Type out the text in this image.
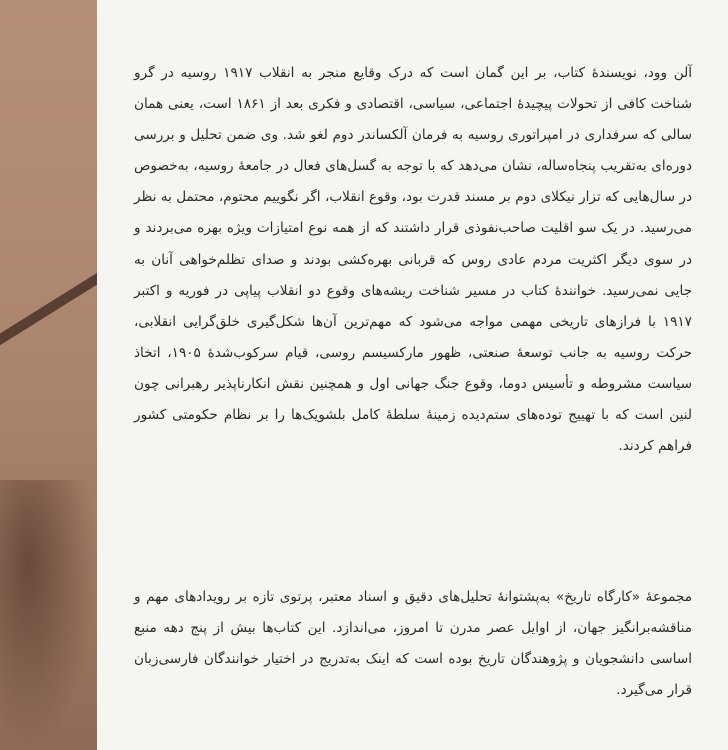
آلن وود، نویسندهٔ کتاب، بر این گمان است که درک وقایع منجر به انقلاب ۱۹۱۷ روسیه در گرو شناخت کافی از تحولات پیچیدهٔ اجتماعی، سیاسی، اقتصادی و فکری بعد از ۱۸۶۱ است، یعنی همان سالی که سرفداری در امپراتوری روسیه به فرمان آلکساندر دوم لغو شد. وی ضمن تحلیل و بررسی دوره‌ای به‌تقریب پنجاه‌ساله، نشان می‌دهد که با توجه به گسل‌های فعال در جامعهٔ روسیه، به‌خصوص در سال‌هایی که تزار نیکلای دوم بر مسند قدرت بود، وقوع انقلاب، اگر نگوییم محتوم، محتمل به نظر می‌رسید. در یک سو اقلیت صاحب‌نفوذی قرار داشتند که از همه نوع امتیازات ویژه بهره می‌بردند و در سوی دیگر اکثریت مردم عادی روس که قربانی بهره‌کشی بودند و صدای تظلم‌خواهی آنان به جایی نمی‌رسید. خوانندهٔ کتاب در مسیر شناخت ریشه‌های وقوع دو انقلاب پیاپی در فوریه و اکتبر ۱۹۱۷ با فرازهای تاریخی مهمی مواجه می‌شود که مهم‌ترین آن‌ها شکل‌گیری خلق‌گرایی انقلابی، حرکت روسیه به جانب توسعهٔ صنعتی، ظهور مارکسیسم روسی، قیام سرکوب‌شدهٔ ۱۹۰۵، اتخاذ سیاست مشروطه و تأسیس دوما، وقوع جنگ جهانی اول و همچنین نقش انکارناپذیر رهبرانی چون لنین است که با تهییج توده‌های ستم‌دیده زمینهٔ سلطهٔ کامل بلشویک‌ها را بر نظام حکومتی کشور فراهم کردند.

مجموعهٔ «کارگاه تاریخ» به‌پشتوانهٔ تحلیل‌های دقیق و اسناد معتبر، پرتوی تازه بر رویدادهای مهم و مناقشه‌برانگیز جهان، از اوایل عصر مدرن تا امروز، می‌اندازد. این کتاب‌ها بیش از پنج دهه منبع اساسی دانشجویان و پژوهندگان تاریخ بوده است که اینک به‌تدریج در اختیار خوانندگان فارسی‌زبان قرار می‌گیرد.
